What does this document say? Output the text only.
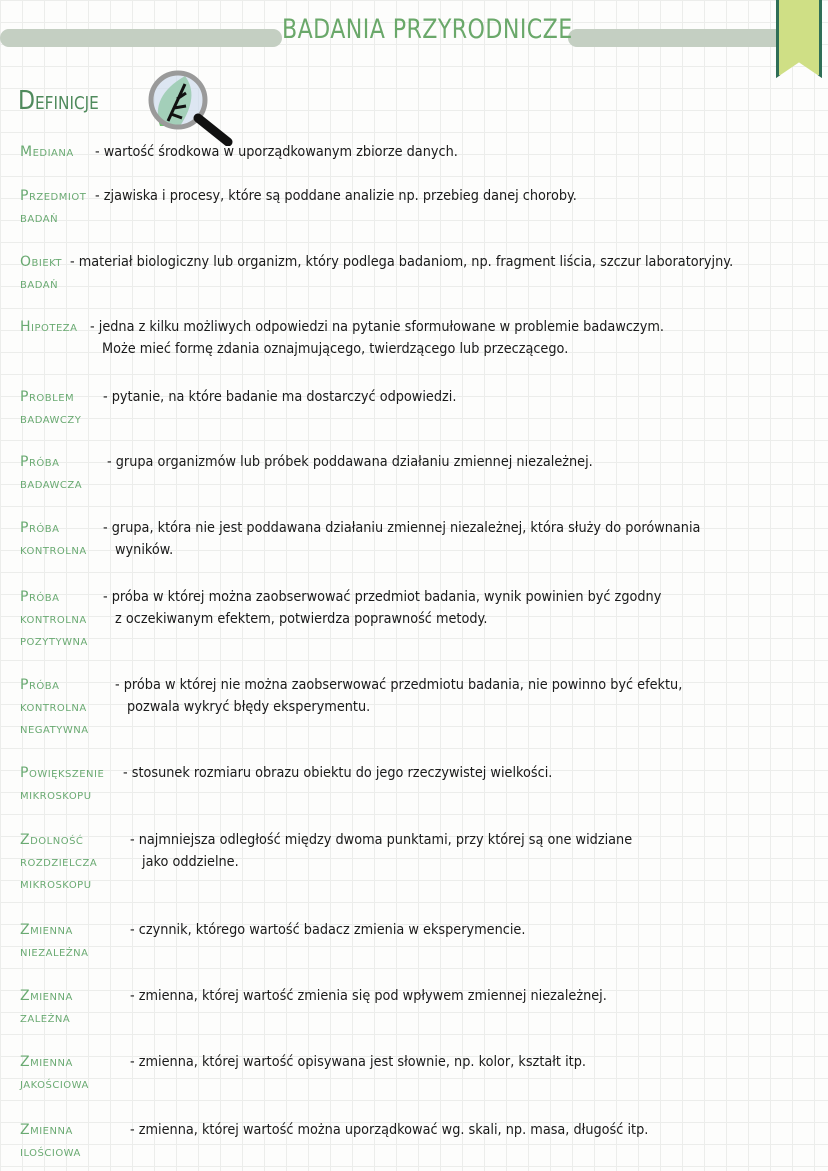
BADANIA PRZYRODNICZE
Definicje
Mediana - wartość środkowa w uporządkowanym zbiorze danych.
Przedmiot
badań
- zjawiska i procesy, które są poddane analizie np. przebieg danej choroby.
Obiekt
badań
- materiał biologiczny lub organizm, który podlega badaniom, np. fragment liścia, szczur laboratoryjny.
Hipoteza - jedna z kilku możliwych odpowiedzi na pytanie sformułowane w problemie badawczym.
Może mieć formę zdania oznajmującego, twierdzącego lub przeczącego.
Problem
badawczy
- pytanie, na które badanie ma dostarczyć odpowiedzi.
Próba
badawcza
- grupa organizmów lub próbek poddawana działaniu zmiennej niezależnej.
Próba
kontrolna
- grupa, która nie jest poddawana działaniu zmiennej niezależnej, która służy do porównania
wyników.
Próba
kontrolna
pozytywna
- próba w której można zaobserwować przedmiot badania, wynik powinien być zgodny
z oczekiwanym efektem, potwierdza poprawność metody.
Próba
kontrolna
negatywna
- próba w której nie można zaobserwować przedmiotu badania, nie powinno być efektu,
pozwala wykryć błędy eksperymentu.
Powiększenie
mikroskopu
- stosunek rozmiaru obrazu obiektu do jego rzeczywistej wielkości.
Zdolność
rozdzielcza
mikroskopu
- najmniejsza odległość między dwoma punktami, przy której są one widziane
jako oddzielne.
Zmienna
niezależna
- czynnik, którego wartość badacz zmienia w eksperymencie.
Zmienna
zależna
- zmienna, której wartość zmienia się pod wpływem zmiennej niezależnej.
Zmienna
jakościowa
- zmienna, której wartość opisywana jest słownie, np. kolor, kształt itp.
Zmienna
ilościowa
- zmienna, której wartość można uporządkować wg. skali, np. masa, długość itp.
